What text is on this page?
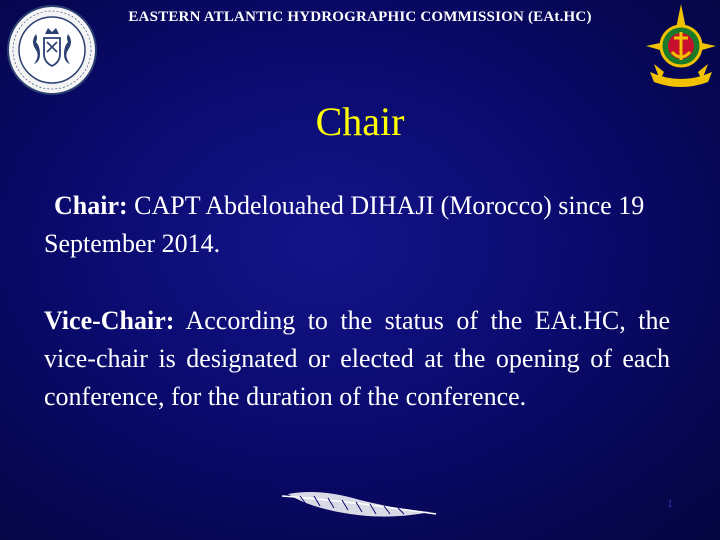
EASTERN ATLANTIC HYDROGRAPHIC COMMISSION (EAt.HC)
Chair
Chair: CAPT Abdelouahed DIHAJI (Morocco) since 19 September 2014.
Vice-Chair: According to the status of the EAt.HC, the vice-chair is designated or elected at the opening of each conference, for the duration of the conference.
1
